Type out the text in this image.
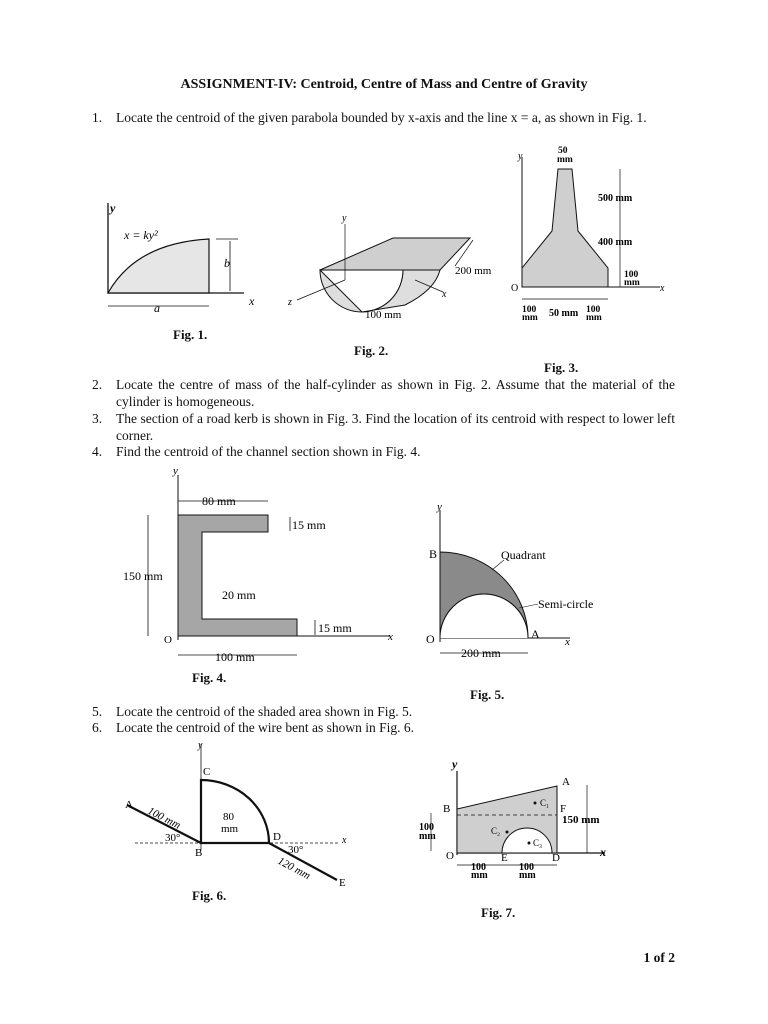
ASSIGNMENT-IV: Centroid, Centre of Mass and Centre of Gravity
1.	Locate the centroid of the given parabola bounded by x-axis and the line x = a, as shown in Fig. 1.
y
x = ky²
b
x
a
Fig. 1.
y
z
x
200 mm
100 mm
Fig. 2.
y	50
mm
500 mm
400 mm
100
mm
O	x
100
mm 50 mm 100
mm
Fig. 3.
2.	Locate the centre of mass of the half-cylinder as shown in Fig. 2. Assume that the material of the cylinder is homogeneous.
3.	The section of a road kerb is shown in Fig. 3. Find the location of its centroid with respect to lower left corner.
4.	Find the centroid of the channel section shown in Fig. 4.
y
80 mm
15 mm
150 mm
20 mm
15 mm
O	x
100 mm
Fig. 4.
y
B	Quadrant
Semi-circle
O	A
x
200 mm
Fig. 5.
5.	Locate the centroid of the shaded area shown in Fig. 5.
6.	Locate the centroid of the wire bent as shown in Fig. 6.
A 100 mm
30°
C
80
mm
B
D
30°
120 mm
E
y
x
Fig. 6.
y
A
B	C₁ F
150 mm
100
mm	C₂
C₃
O	E	D	x
100
mm
100
mm
Fig. 7.
1 of 2
